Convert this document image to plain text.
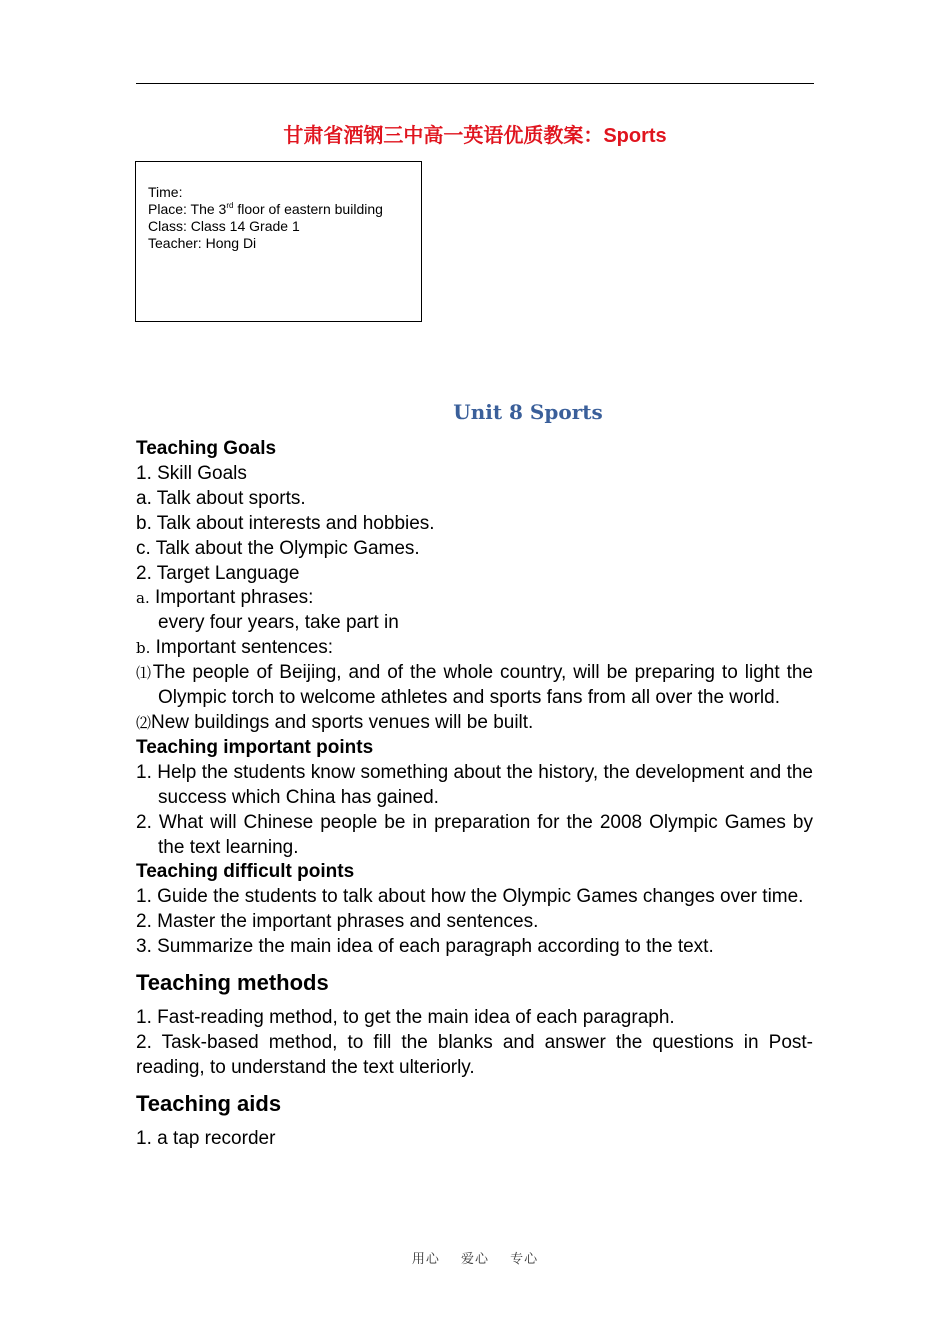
甘肃省酒钢三中高一英语优质教案：Sports
Time:
Place: The 3rd floor of eastern building
Class: Class 14 Grade 1
Teacher: Hong Di
Unit 8 Sports

Teaching Goals

1. Skill Goals

a. Talk about sports.

b. Talk about interests and hobbies.

c. Talk about the Olympic Games.

2. Target Language

a. Important phrases:

every four years, take part in

b. Important sentences:

⑴The people of Beijing, and of the whole country, will be preparing to light the Olympic torch to welcome athletes and sports fans from all over the world.

⑵New buildings and sports venues will be built.

Teaching important points

1. Help the students know something about the history, the development and the success which China has gained.

2. What will Chinese people be in preparation for the 2008 Olympic Games by the text learning.

Teaching difficult points

1. Guide the students to talk about how the Olympic Games changes over time.

2. Master the important phrases and sentences.

3. Summarize the main idea of each paragraph according to the text.

Teaching methods

1. Fast-reading method, to get the main idea of each paragraph.

2. Task-based method, to fill the blanks and answer the questions in Post-reading, to understand the text ulteriorly.

Teaching aids

1. a tap recorder

用心 爱心 专心
